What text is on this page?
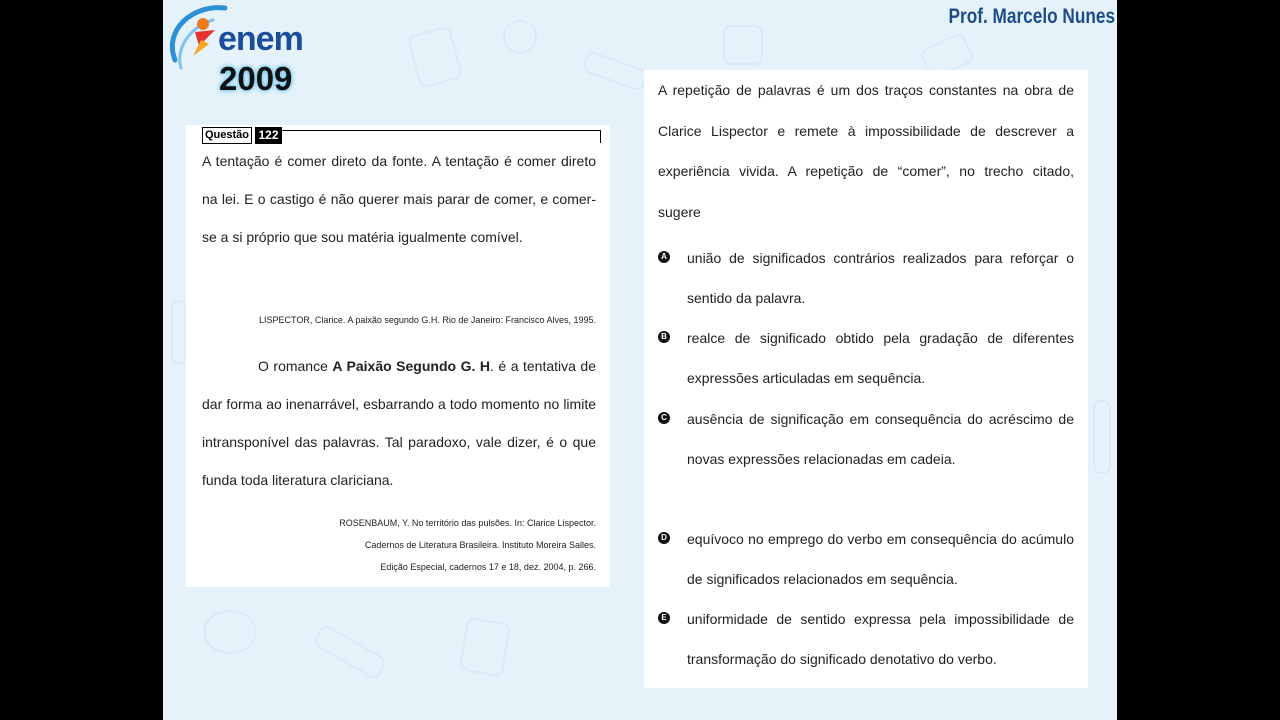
enem
2009
Prof. Marcelo Nunes
Questão 122
A tentação é comer direto da fonte. A tentação é comer direto na lei. E o castigo é não querer mais parar de comer, e comer-se a si próprio que sou matéria igualmente comível.
LISPECTOR, Clarice. A paixão segundo G.H. Rio de Janeiro: Francisco Alves, 1995.
O romance A Paixão Segundo G. H. é a tentativa de dar forma ao inenarrável, esbarrando a todo momento no limite intransponível das palavras. Tal paradoxo, vale dizer, é o que funda toda literatura clariciana.
ROSENBAUM, Y. No território das pulsões. In: Clarice Lispector.
Cadernos de Literatura Brasileira. Instituto Moreira Salles.
Edição Especial, cadernos 17 e 18, dez. 2004, p. 266.
A repetição de palavras é um dos traços constantes na obra de Clarice Lispector e remete à impossibilidade de descrever a experiência vivida. A repetição de “comer”, no trecho citado, sugere
A união de significados contrários realizados para reforçar o sentido da palavra.
B realce de significado obtido pela gradação de diferentes expressões articuladas em sequência.
C ausência de significação em consequência do acréscimo de novas expressões relacionadas em cadeia.
D equívoco no emprego do verbo em consequência do acúmulo de significados relacionados em sequência.
E uniformidade de sentido expressa pela impossibilidade de transformação do significado denotativo do verbo.
